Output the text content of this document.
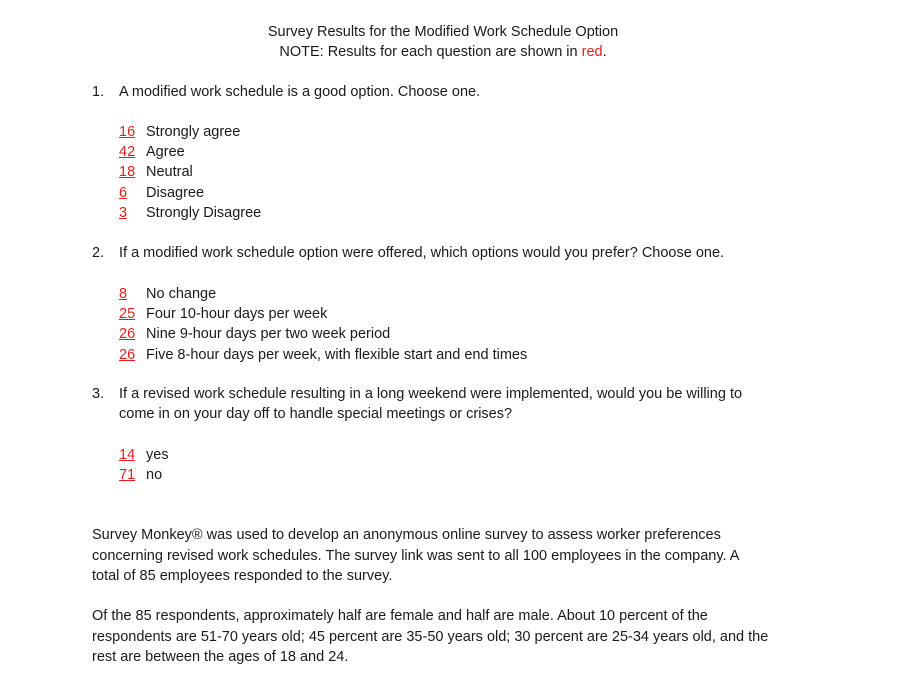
Survey Results for the Modified Work Schedule Option
NOTE: Results for each question are shown in red.
1. A modified work schedule is a good option. Choose one.
16 Strongly agree
42 Agree
18 Neutral
6	Disagree
3	Strongly Disagree
2. If a modified work schedule option were offered, which options would you prefer? Choose one.
8	No change
25 Four 10-hour days per week
26 Nine 9-hour days per two week period
26 Five 8-hour days per week, with flexible start and end times
3. If a revised work schedule resulting in a long weekend were implemented, would you be willing to
come in on your day off to handle special meetings or crises?
14 yes
71 no
Survey Monkey® was used to develop an anonymous online survey to assess worker preferences
concerning revised work schedules. The survey link was sent to all 100 employees in the company. A
total of 85 employees responded to the survey.
Of the 85 respondents, approximately half are female and half are male. About 10 percent of the
respondents are 51-70 years old; 45 percent are 35-50 years old; 30 percent are 25-34 years old, and the
rest are between the ages of 18 and 24.
